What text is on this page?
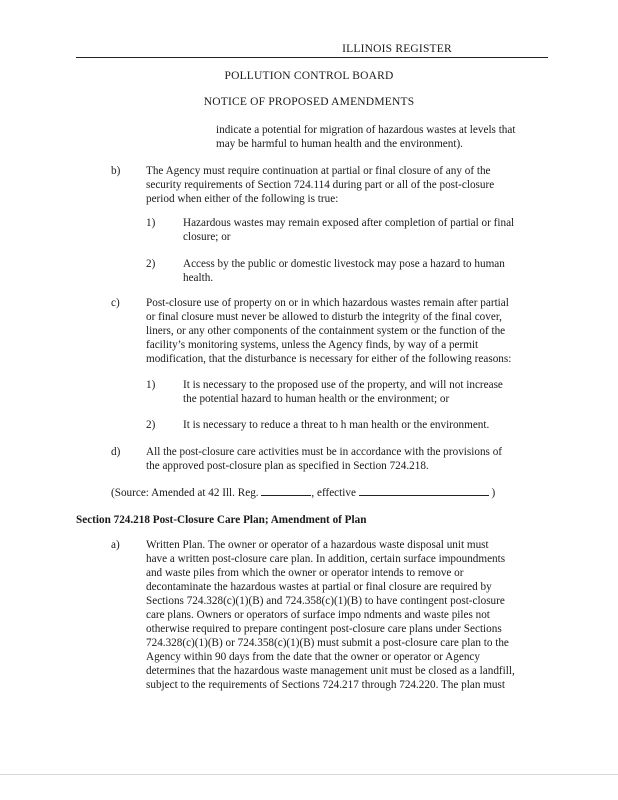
ILLINOIS REGISTER
POLLUTION CONTROL BOARD
NOTICE OF PROPOSED AMENDMENTS
indicate a potential for migration of hazardous wastes at levels that
may be harmful to human health and the environment).
b) The Agency must require continuation at partial or final closure of any of the
security requirements of Section 724.114 during part or all of the post-closure
period when either of the following is true:
1) Hazardous wastes may remain exposed after completion of partial or final
closure; or
2) Access by the public or domestic livestock may pose a hazard to human
health.
c) Post-closure use of property on or in which hazardous wastes remain after partial
or final closure must never be allowed to disturb the integrity of the final cover,
liners, or any other components of the containment system or the function of the
facility’s monitoring systems, unless the Agency finds, by way of a permit
modification, that the disturbance is necessary for either of the following reasons:
1) It is necessary to the proposed use of the property, and will not increase
the potential hazard to human health or the environment; or
2) It is necessary to reduce a threat to h man health or the environment.
d) All the post-closure care activities must be in accordance with the provisions of
the approved post-closure plan as specified in Section 724.218.
(Source: Amended at 42 Ill. Reg.	, effective	)
Section 724.218 Post-Closure Care Plan; Amendment of Plan
a) Written Plan. The owner or operator of a hazardous waste disposal unit must
have a written post-closure care plan. In addition, certain surface impoundments
and waste piles from which the owner or operator intends to remove or
decontaminate the hazardous wastes at partial or final closure are required by
Sections 724.328(c)(1)(B) and 724.358(c)(1)(B) to have contingent post-closure
care plans. Owners or operators of surface impo ndments and waste piles not
otherwise required to prepare contingent post-closure care plans under Sections
724.328(c)(1)(B) or 724.358(c)(1)(B) must submit a post-closure care plan to the
Agency within 90 days from the date that the owner or operator or Agency
determines that the hazardous waste management unit must be closed as a landfill,
subject to the requirements of Sections 724.217 through 724.220. The plan must
